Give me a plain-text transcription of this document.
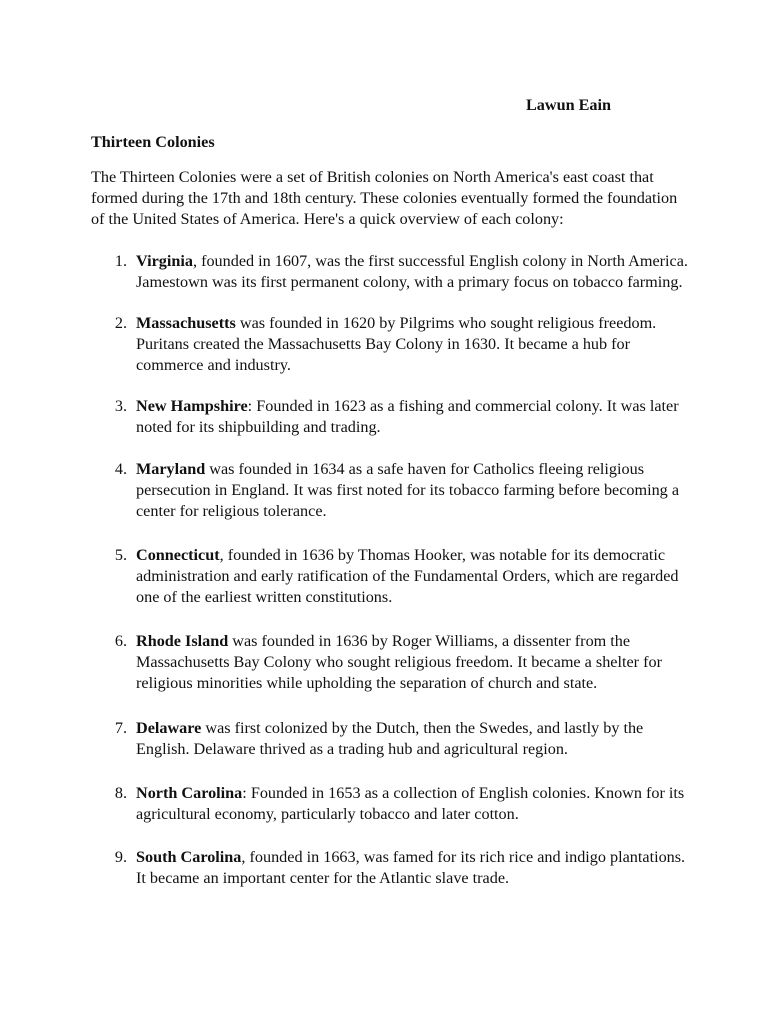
Lawun Eain
Thirteen Colonies

The Thirteen Colonies were a set of British colonies on North America's east coast that formed during the 17th and 18th century. These colonies eventually formed the foundation of the United States of America. Here's a quick overview of each colony:

1. Virginia, founded in 1607, was the first successful English colony in North America. Jamestown was its first permanent colony, with a primary focus on tobacco farming.
2. Massachusetts was founded in 1620 by Pilgrims who sought religious freedom. Puritans created the Massachusetts Bay Colony in 1630. It became a hub for commerce and industry.
3. New Hampshire: Founded in 1623 as a fishing and commercial colony. It was later noted for its shipbuilding and trading.
4. Maryland was founded in 1634 as a safe haven for Catholics fleeing religious persecution in England. It was first noted for its tobacco farming before becoming a center for religious tolerance.
5. Connecticut, founded in 1636 by Thomas Hooker, was notable for its democratic administration and early ratification of the Fundamental Orders, which are regarded one of the earliest written constitutions.
6. Rhode Island was founded in 1636 by Roger Williams, a dissenter from the Massachusetts Bay Colony who sought religious freedom. It became a shelter for religious minorities while upholding the separation of church and state.
7. Delaware was first colonized by the Dutch, then the Swedes, and lastly by the English. Delaware thrived as a trading hub and agricultural region.
8. North Carolina: Founded in 1653 as a collection of English colonies. Known for its agricultural economy, particularly tobacco and later cotton.
9. South Carolina, founded in 1663, was famed for its rich rice and indigo plantations. It became an important center for the Atlantic slave trade.
